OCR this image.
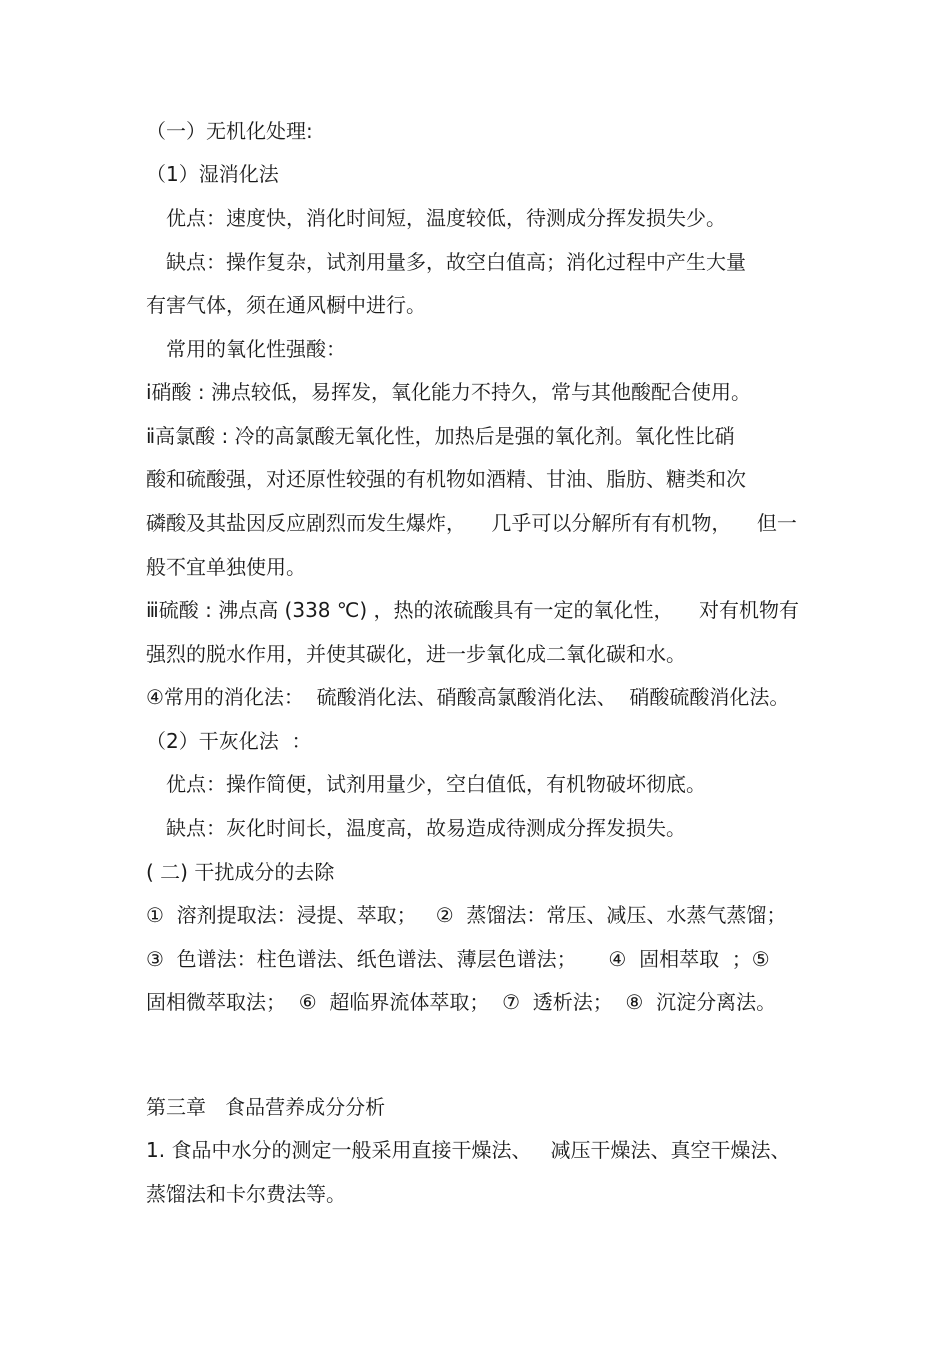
（一）无机化处理:
（1）湿消化法
优点：速度快，消化时间短，温度较低，待测成分挥发损失少。
缺点：操作复杂，试剂用量多，故空白值高；消化过程中产生大量
有害气体，须在通风橱中进行。
常用的氧化性强酸：
ⅰ硝酸 : 沸点较低，易挥发，氧化能力不持久，常与其他酸配合使用。
ⅱ高氯酸 : 冷的高氯酸无氧化性，加热后是强的氧化剂。氧化性比硝
酸和硫酸强，对还原性较强的有机物如酒精、甘油、脂肪、糖类和次
磷酸及其盐因反应剧烈而发生爆炸，    几乎可以分解所有有机物，    但一
般不宜单独使用。
ⅲ硫酸 : 沸点高 (338 ℃) ，热的浓硫酸具有一定的氧化性，    对有机物有
强烈的脱水作用，并使其碳化，进一步氧化成二氧化碳和水。
④常用的消化法：  硫酸消化法、硝酸高氯酸消化法、  硝酸硫酸消化法。
（2）干灰化法  ：
优点：操作简便，试剂用量少，空白值低，有机物破坏彻底。
缺点：灰化时间长，温度高，故易造成待测成分挥发损失。
( 二) 干扰成分的去除
①  溶剂提取法：浸提、萃取；   ②  蒸馏法：常压、减压、水蒸气蒸馏；
③  色谱法：柱色谱法、纸色谱法、薄层色谱法；     ④  固相萃取  ；⑤
固相微萃取法；  ⑥  超临界流体萃取；  ⑦  透析法；  ⑧  沉淀分离法。
第三章   食品营养成分分析
1. 食品中水分的测定一般采用直接干燥法、   减压干燥法、真空干燥法、
蒸馏法和卡尔费法等。
